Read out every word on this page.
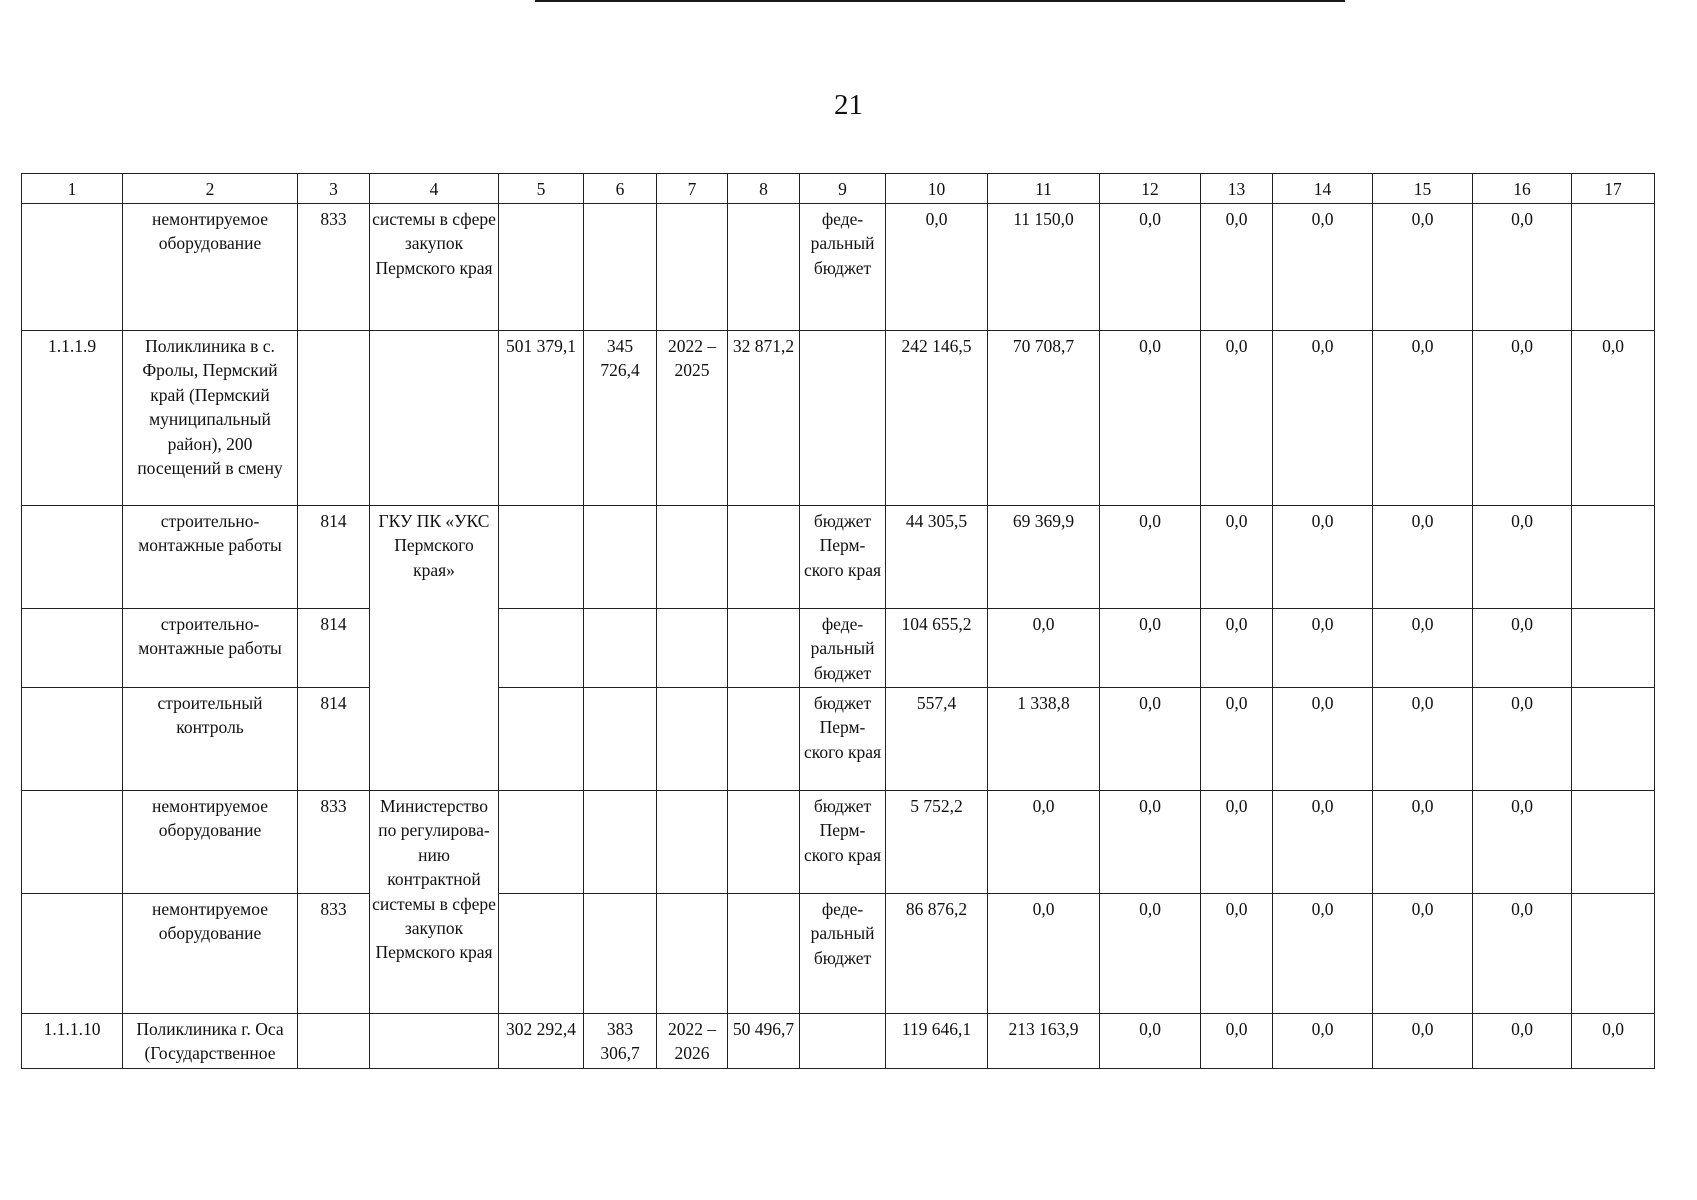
21
1	2	3	4	5	6	7	8	9	10	11	12	13	14	15	16	17
	немонтируемое оборудование	833	системы в сфере закупок Пермского края					феде-ральный бюджет	0,0	11 150,0	0,0	0,0	0,0	0,0	0,0	
1.1.1.9	Поликлиника в с. Фролы, Пермский край (Пермский муниципальный район), 200 посещений в смену			501 379,1	345 726,4	2022 – 2025	32 871,2		242 146,5	70 708,7	0,0	0,0	0,0	0,0	0,0	0,0
	строительно-монтажные работы	814	ГКУ ПК «УКС Пермского края»					бюджет Перм-ского края	44 305,5	69 369,9	0,0	0,0	0,0	0,0	0,0	
	строительно-монтажные работы	814						феде-ральный бюджет	104 655,2	0,0	0,0	0,0	0,0	0,0	0,0	
	строительный контроль	814						бюджет Перм-ского края	557,4	1 338,8	0,0	0,0	0,0	0,0	0,0	
	немонтируемое оборудование	833	Министерство по регулирова-нию контрактной системы в сфере закупок Пермского края					бюджет Перм-ского края	5 752,2	0,0	0,0	0,0	0,0	0,0	0,0	
	немонтируемое оборудование	833						феде-ральный бюджет	86 876,2	0,0	0,0	0,0	0,0	0,0	0,0	
1.1.1.10	Поликлиника г. Оса (Государственное			302 292,4	383 306,7	2022 – 2026	50 496,7		119 646,1	213 163,9	0,0	0,0	0,0	0,0	0,0	0,0
